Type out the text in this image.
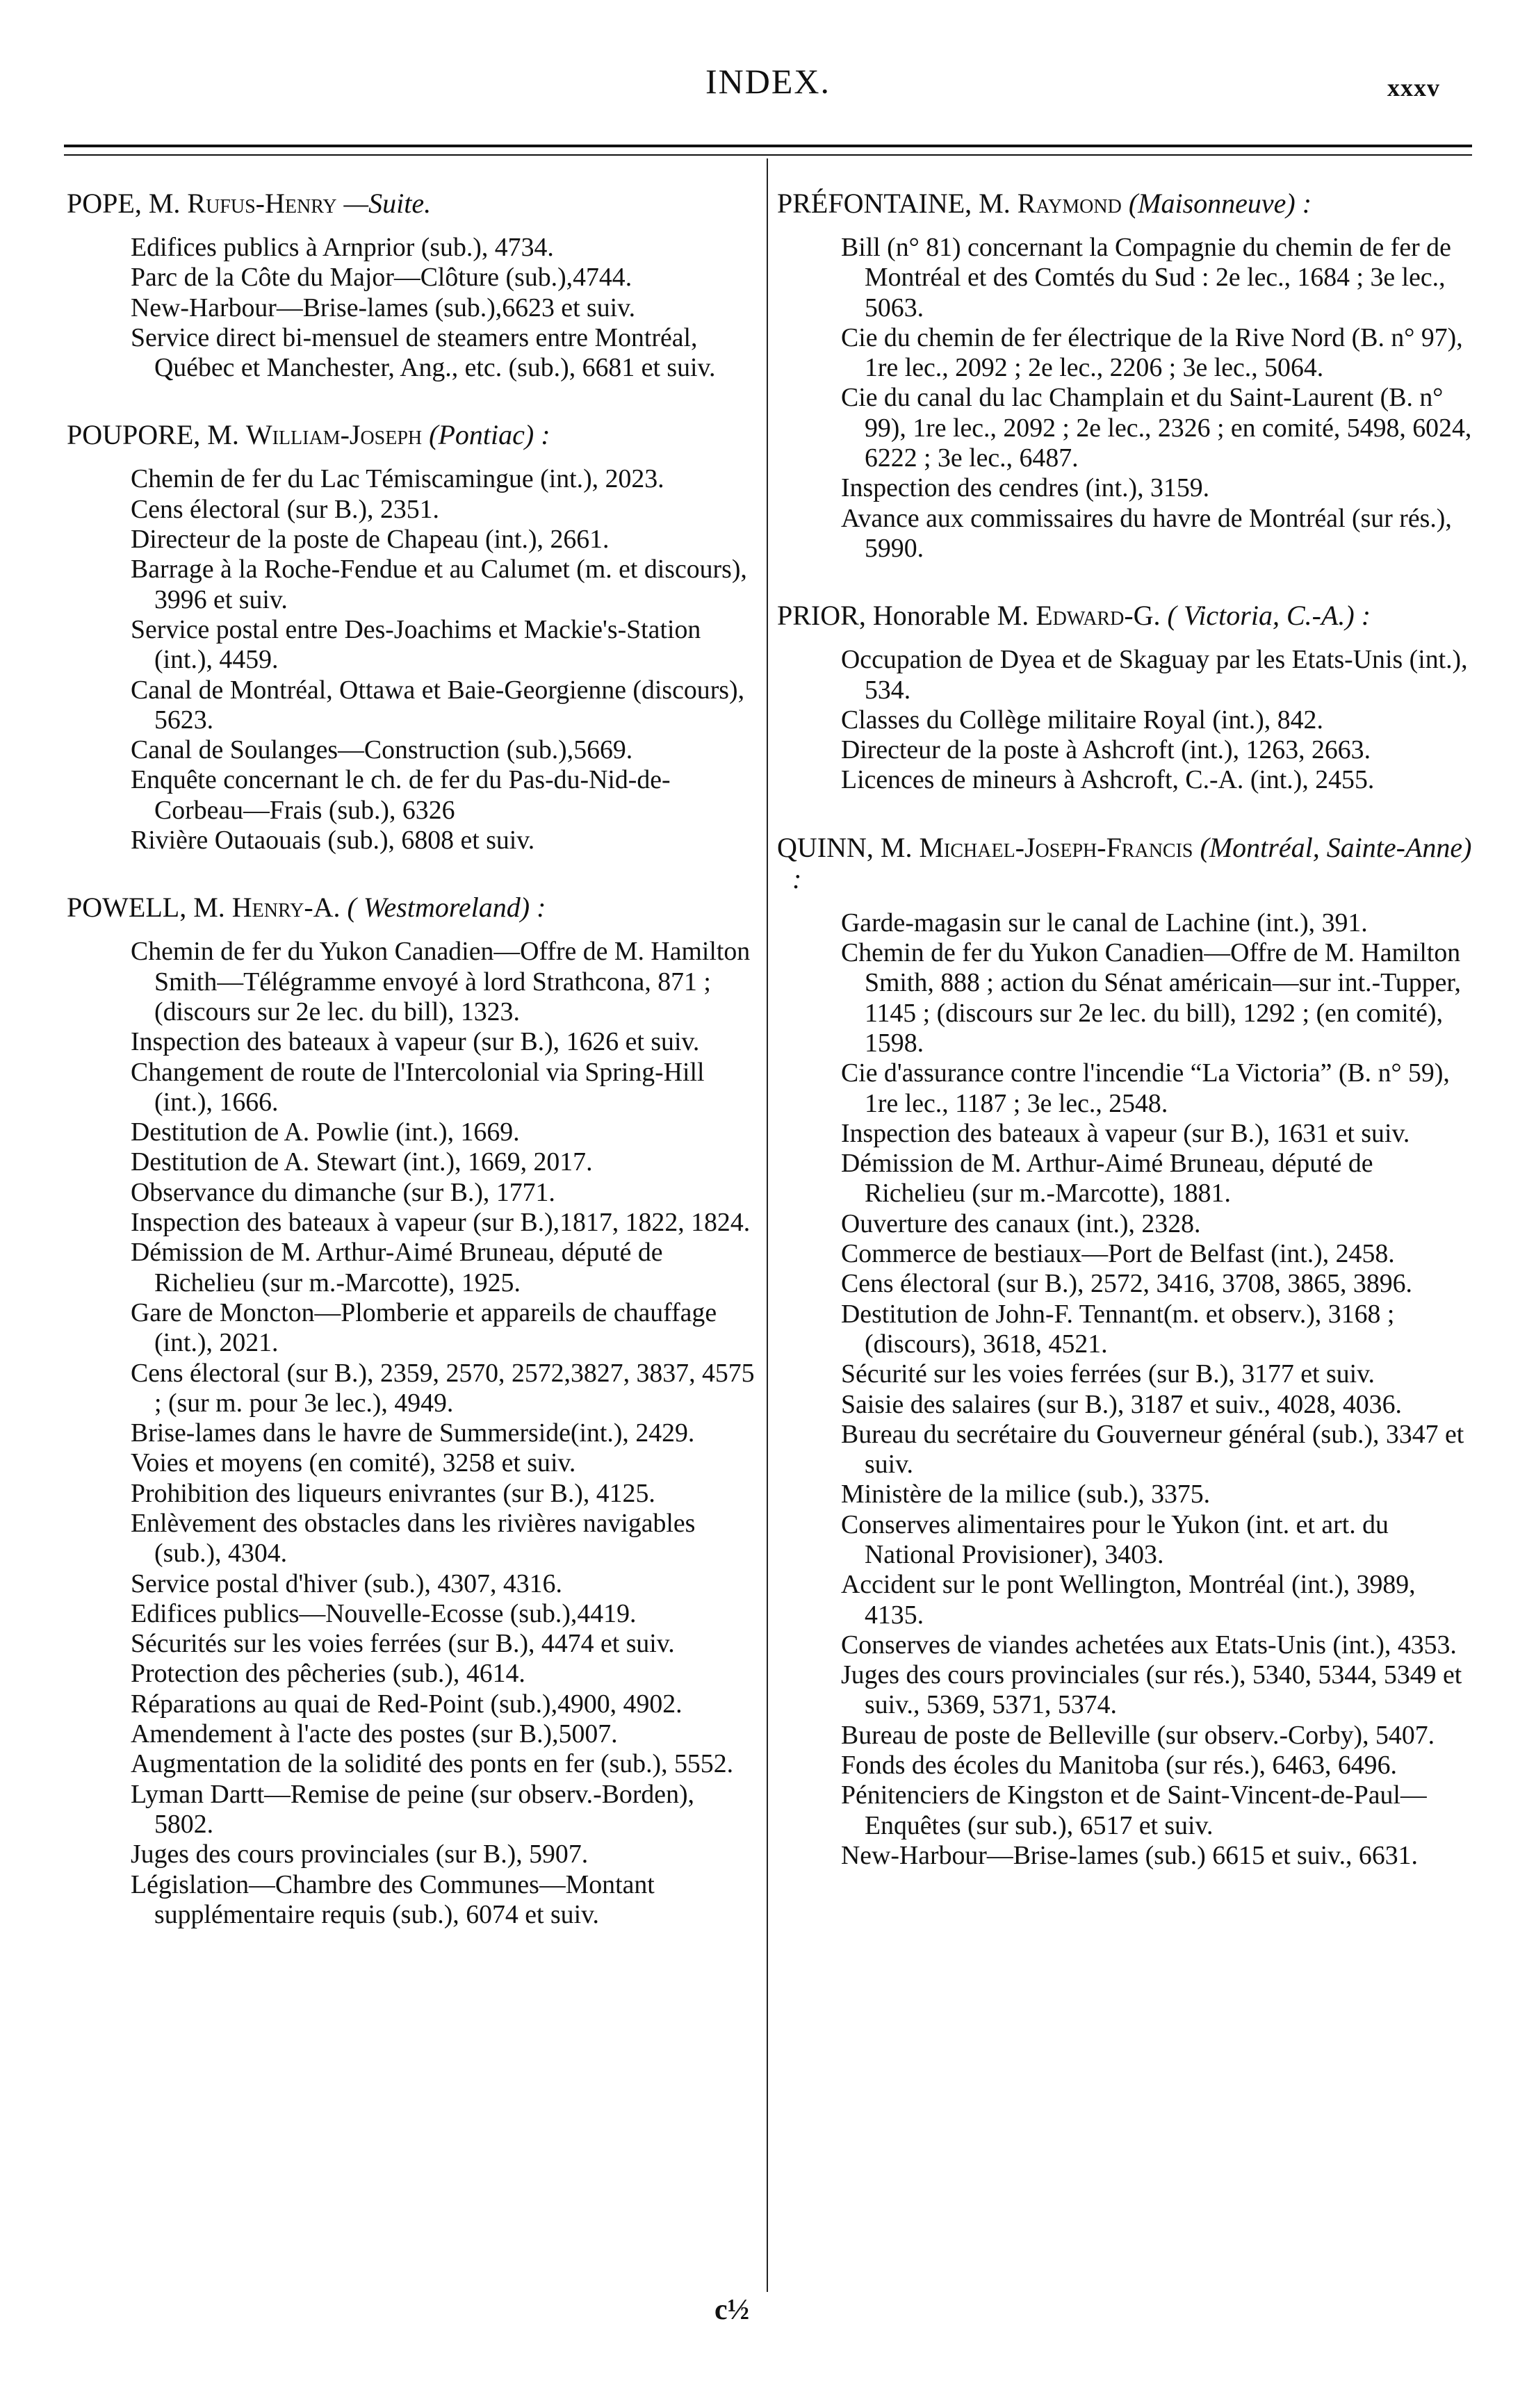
INDEX.	xxxv
POPE, M. Rufus-Henry —Suite.
Edifices publics à Arnprior (sub.), 4734.
Parc de la Côte du Major—Clôture (sub.),4744.
New-Harbour—Brise-lames (sub.),6623 et suiv.
Service direct bi-mensuel de steamers entre Montréal, Québec et Manchester, Ang., etc. (sub.), 6681 et suiv.
POUPORE, M. William-Joseph (Pontiac) :
Chemin de fer du Lac Témiscamingue (int.), 2023.
Cens électoral (sur B.), 2351.
Directeur de la poste de Chapeau (int.), 2661.
Barrage à la Roche-Fendue et au Calumet (m. et discours), 3996 et suiv.
Service postal entre Des-Joachims et Mackie's-Station (int.), 4459.
Canal de Montréal, Ottawa et Baie-Georgienne (discours), 5623.
Canal de Soulanges—Construction (sub.),5669.
Enquête concernant le ch. de fer du Pas-du-Nid-de-Corbeau—Frais (sub.), 6326
Rivière Outaouais (sub.), 6808 et suiv.
POWELL, M. Henry-A. ( Westmoreland) :
Chemin de fer du Yukon Canadien—Offre de M. Hamilton Smith—Télégramme envoyé à lord Strathcona, 871 ; (discours sur 2e lec. du bill), 1323.
Inspection des bateaux à vapeur (sur B.), 1626 et suiv.
Changement de route de l'Intercolonial via Spring-Hill (int.), 1666.
Destitution de A. Powlie (int.), 1669.
Destitution de A. Stewart (int.), 1669, 2017.
Observance du dimanche (sur B.), 1771.
Inspection des bateaux à vapeur (sur B.),1817, 1822, 1824.
Démission de M. Arthur-Aimé Bruneau, député de Richelieu (sur m.-Marcotte), 1925.
Gare de Moncton—Plomberie et appareils de chauffage (int.), 2021.
Cens électoral (sur B.), 2359, 2570, 2572,3827, 3837, 4575 ; (sur m. pour 3e lec.), 4949.
Brise-lames dans le havre de Summerside(int.), 2429.
Voies et moyens (en comité), 3258 et suiv.
Prohibition des liqueurs enivrantes (sur B.), 4125.
Enlèvement des obstacles dans les rivières navigables (sub.), 4304.
Service postal d'hiver (sub.), 4307, 4316.
Edifices publics—Nouvelle-Ecosse (sub.),4419.
Sécurités sur les voies ferrées (sur B.), 4474 et suiv.
Protection des pêcheries (sub.), 4614.
Réparations au quai de Red-Point (sub.),4900, 4902.
Amendement à l'acte des postes (sur B.),5007.
Augmentation de la solidité des ponts en fer (sub.), 5552.
Lyman Dartt—Remise de peine (sur observ.-Borden), 5802.
Juges des cours provinciales (sur B.), 5907.
Législation—Chambre des Communes—Montant supplémentaire requis (sub.), 6074 et suiv.
PRÉFONTAINE, M. Raymond (Maisonneuve) :
Bill (n° 81) concernant la Compagnie du chemin de fer de Montréal et des Comtés du Sud : 2e lec., 1684 ; 3e lec., 5063.
Cie du chemin de fer électrique de la Rive Nord (B. n° 97), 1re lec., 2092 ; 2e lec., 2206 ; 3e lec., 5064.
Cie du canal du lac Champlain et du Saint-Laurent (B. n° 99), 1re lec., 2092 ; 2e lec., 2326 ; en comité, 5498, 6024, 6222 ; 3e lec., 6487.
Inspection des cendres (int.), 3159.
Avance aux commissaires du havre de Montréal (sur rés.), 5990.
PRIOR, Honorable M. Edward-G. ( Victoria, C.-A.) :
Occupation de Dyea et de Skaguay par les Etats-Unis (int.), 534.
Classes du Collège militaire Royal (int.), 842.
Directeur de la poste à Ashcroft (int.), 1263, 2663.
Licences de mineurs à Ashcroft, C.-A. (int.), 2455.
QUINN, M. Michael-Joseph-Francis (Montréal, Sainte-Anne) :
Garde-magasin sur le canal de Lachine (int.), 391.
Chemin de fer du Yukon Canadien—Offre de M. Hamilton Smith, 888 ; action du Sénat américain—sur int.-Tupper, 1145 ; (discours sur 2e lec. du bill), 1292 ; (en comité), 1598.
Cie d'assurance contre l'incendie “La Victoria” (B. n° 59), 1re lec., 1187 ; 3e lec., 2548.
Inspection des bateaux à vapeur (sur B.), 1631 et suiv.
Démission de M. Arthur-Aimé Bruneau, député de Richelieu (sur m.-Marcotte), 1881.
Ouverture des canaux (int.), 2328.
Commerce de bestiaux—Port de Belfast (int.), 2458.
Cens électoral (sur B.), 2572, 3416, 3708, 3865, 3896.
Destitution de John-F. Tennant(m. et observ.), 3168 ; (discours), 3618, 4521.
Sécurité sur les voies ferrées (sur B.), 3177 et suiv.
Saisie des salaires (sur B.), 3187 et suiv., 4028, 4036.
Bureau du secrétaire du Gouverneur général (sub.), 3347 et suiv.
Ministère de la milice (sub.), 3375.
Conserves alimentaires pour le Yukon (int. et art. du National Provisioner), 3403.
Accident sur le pont Wellington, Montréal (int.), 3989, 4135.
Conserves de viandes achetées aux Etats-Unis (int.), 4353.
Juges des cours provinciales (sur rés.), 5340, 5344, 5349 et suiv., 5369, 5371, 5374.
Bureau de poste de Belleville (sur observ.-Corby), 5407.
Fonds des écoles du Manitoba (sur rés.), 6463, 6496.
Pénitenciers de Kingston et de Saint-Vincent-de-Paul—Enquêtes (sur sub.), 6517 et suiv.
New-Harbour—Brise-lames (sub.) 6615 et suiv., 6631.
c½
